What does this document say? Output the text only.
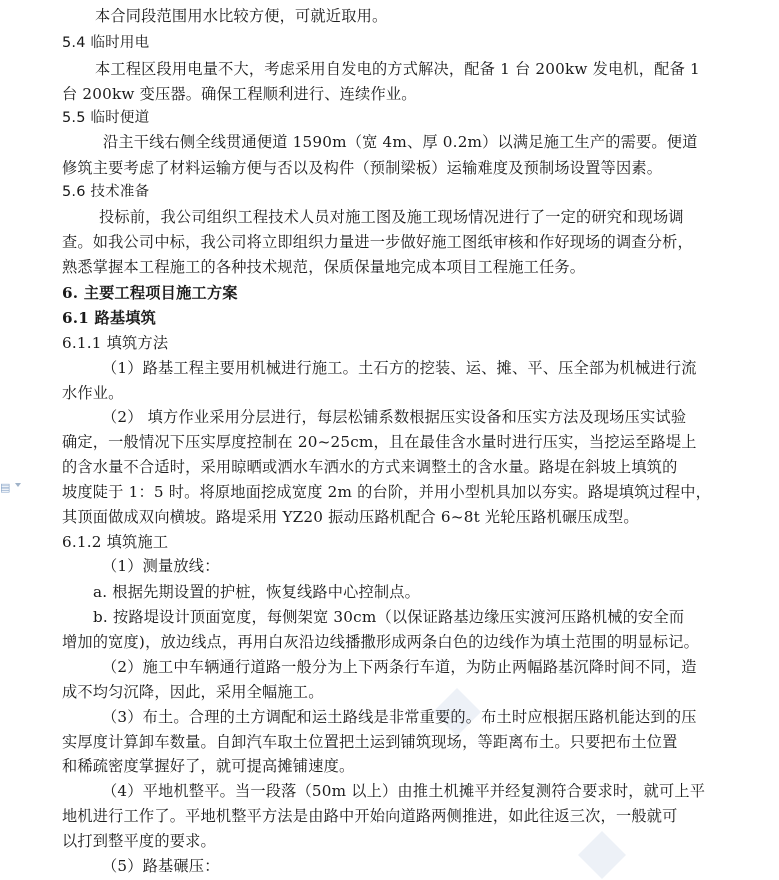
本合同段范围用水比较方便，可就近取用。
5.4 临时用电
本工程区段用电量不大，考虑采用自发电的方式解决，配备 1 台 200kw 发电机，配备 1
台 200kw 变压器。确保工程顺利进行、连续作业。
5.5 临时便道
沿主干线右侧全线贯通便道 1590m（宽 4m、厚 0.2m）以满足施工生产的需要。便道
修筑主要考虑了材料运输方便与否以及构件（预制梁板）运输难度及预制场设置等因素。
5.6 技术准备
投标前，我公司组织工程技术人员对施工图及施工现场情况进行了一定的研究和现场调
查。如我公司中标，我公司将立即组织力量进一步做好施工图纸审核和作好现场的调查分析，
熟悉掌握本工程施工的各种技术规范，保质保量地完成本项目工程施工任务。
6. 主要工程项目施工方案
6.1 路基填筑
6.1.1 填筑方法
（1）路基工程主要用机械进行施工。土石方的挖装、运、摊、平、压全部为机械进行流
水作业。
（2） 填方作业采用分层进行，每层松铺系数根据压实设备和压实方法及现场压实试验
确定，一般情况下压实厚度控制在 20~25cm，且在最佳含水量时进行压实，当挖运至路堤上
的含水量不合适时，采用晾晒或洒水车洒水的方式来调整土的含水量。路堤在斜坡上填筑的
坡度陡于 1：5 时。将原地面挖成宽度 2m 的台阶，并用小型机具加以夯实。路堤填筑过程中，
其顶面做成双向横坡。路堤采用 YZ20 振动压路机配合 6~8t 光轮压路机碾压成型。
6.1.2 填筑施工
（1）测量放线：
a. 根据先期设置的护桩，恢复线路中心控制点。
b. 按路堤设计顶面宽度，每侧架宽 30cm（以保证路基边缘压实渡河压路机械的安全而
增加的宽度)，放边线点，再用白灰沿边线播撒形成两条白色的边线作为填土范围的明显标记。
（2）施工中车辆通行道路一般分为上下两条行车道，为防止两幅路基沉降时间不同，造
成不均匀沉降，因此，采用全幅施工。
（3）布土。合理的土方调配和运土路线是非常重要的。布土时应根据压路机能达到的压
实厚度计算卸车数量。自卸汽车取土位置把土运到铺筑现场，等距离布土。只要把布土位置
和稀疏密度掌握好了，就可提高摊铺速度。
（4）平地机整平。当一段落（50m 以上）由推土机摊平并经复测符合要求时，就可上平
地机进行工作了。平地机整平方法是由路中开始向道路两侧推进，如此往返三次，一般就可
以打到整平度的要求。
（5）路基碾压：
▤
